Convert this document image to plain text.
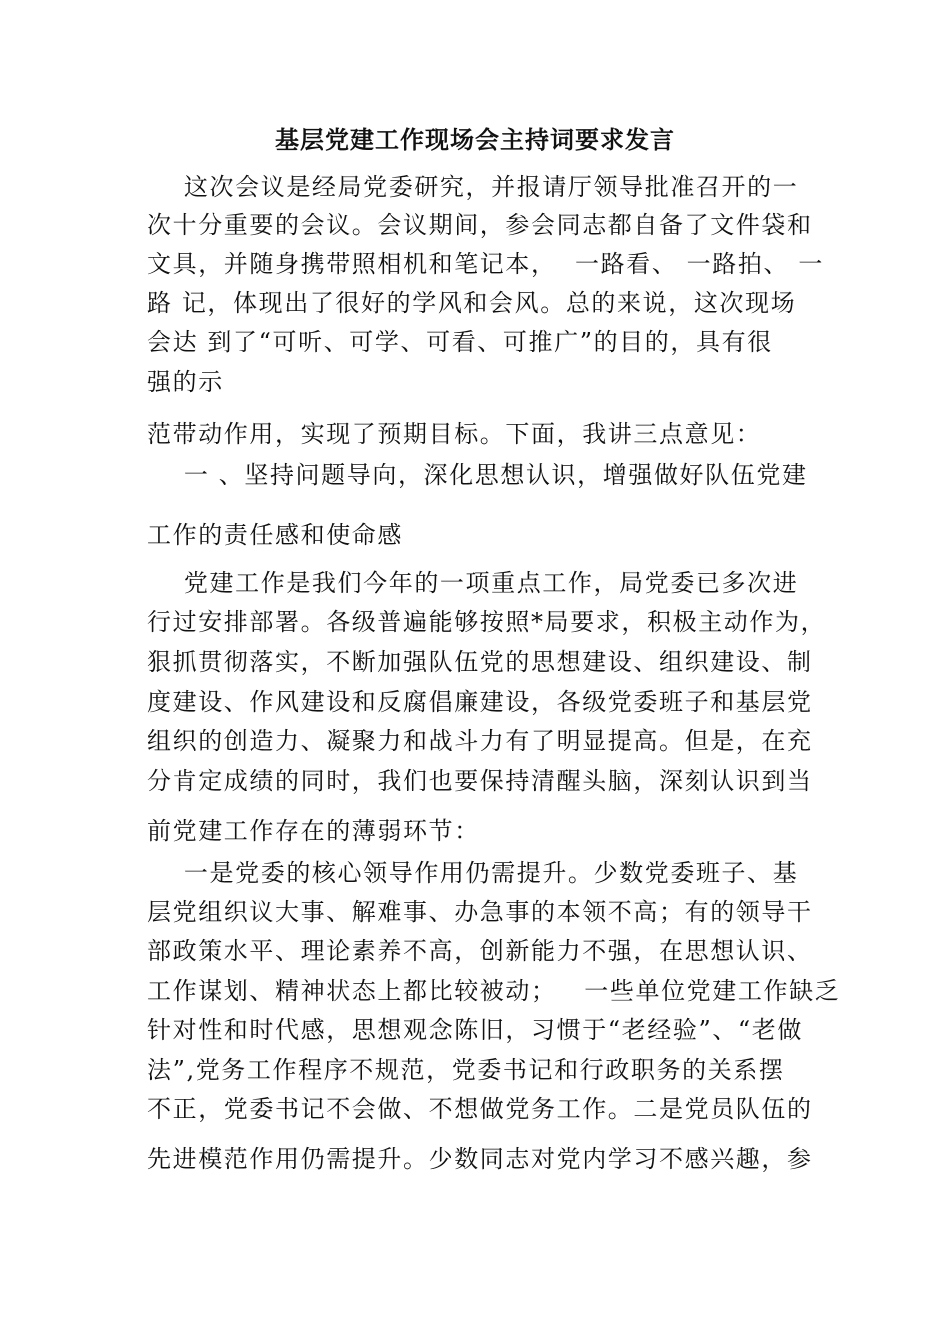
基层党建工作现场会主持词要求发言
这次会议是经局党委研究，并报请厅领导批准召开的一
次十分重要的会议。会议期间，参会同志都自备了文件袋和
文具，并随身携带照相机和笔记本，  一路看、 一路拍、 一
路 记，体现出了很好的学风和会风。总的来说，这次现场
会达 到了“可听、可学、可看、可推广”的目的，具有很
强的示
范带动作用，实现了预期目标。下面，我讲三点意见：
一 、坚持问题导向，深化思想认识，增强做好队伍党建
工作的责任感和使命感
党建工作是我们今年的一项重点工作，局党委已多次进
行过安排部署。各级普遍能够按照*局要求，积极主动作为，
狠抓贯彻落实，不断加强队伍党的思想建设、组织建设、制
度建设、作风建设和反腐倡廉建设，各级党委班子和基层党
组织的创造力、凝聚力和战斗力有了明显提高。但是，在充
分肯定成绩的同时，我们也要保持清醒头脑，深刻认识到当
前党建工作存在的薄弱环节：
一是党委的核心领导作用仍需提升。少数党委班子、基
层党组织议大事、解难事、办急事的本领不高；有的领导干
部政策水平、理论素养不高，创新能力不强，在思想认识、
工作谋划、精神状态上都比较被动；   一些单位党建工作缺乏
针对性和时代感，思想观念陈旧，习惯于“老经验”、“老做
法”,党务工作程序不规范，党委书记和行政职务的关系摆
不正，党委书记不会做、不想做党务工作。二是党员队伍的
先进模范作用仍需提升。少数同志对党内学习不感兴趣，参
